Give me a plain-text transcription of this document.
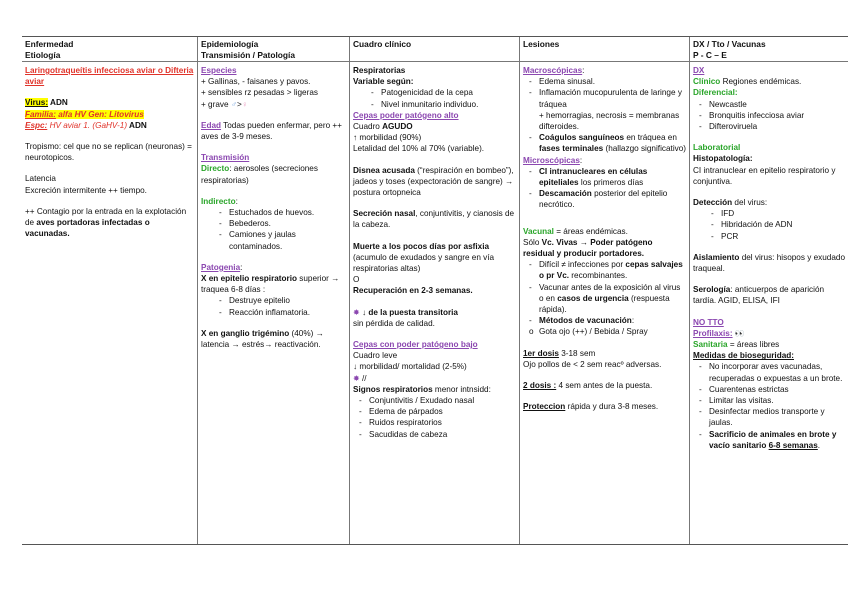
Enfermedad

Etiología

Laringotraqueítis infecciosa aviar o Difteria aviar

Virus: ADN

Familia: alfa HV Gen: Litovirus

Espc: HV aviar 1. (GaHV-1) ADN

Tropismo: cel que no se replican (neuronas) = neurotopicos.

Latencia

Excreción intermitente ++ tiempo.

++ Contagio por la entrada en la explotación de aves portadoras infectadas o vacunadas.

Epidemiología

Transmisión / Patología

Especies

+ Gallinas, - faisanes y pavos.

+ sensibles rz pesadas > ligeras

+ grave ♂>♀

Edad Todas pueden enfermar, pero ++ aves de 3-9 meses.

Transmisión

Directo: aerosoles (secreciones respiratorias)

Indirecto:

- Estuchados de huevos.
- Bebederos.
- Camiones y jaulas contaminados.

Patogenia:

X en epitelio respiratorio superior → traquea 6-8 días :

- Destruye epitelio
- Reacción inflamatoria.

X en ganglio trigémino (40%) → latencia → estrés→ reactivación.

Cuadro clínico

Respiratorias

Variable según:

- Patogenicidad de la cepa
- Nivel inmunitario individuo.

Cepas poder patógeno alto

Cuadro AGUDO

↑ morbilidad (90%)

Letalidad del 10% al 70% (variable).

Disnea acusada (“respiración en bombeo”), jadeos y toses (expectoración de sangre) → postura ortopneica

Secreción nasal, conjuntivitis, y cianosis de la cabeza.

Muerte a los pocos días por asfixia (acumulo de exudados y sangre en vía respiratorias altas)

O

Recuperación en 2-3 semanas.

✸ ↓ de la puesta transitoria

sin pérdida de calidad.

Cepas con poder patógeno bajo

Cuadro leve

↓ morbilidad/ mortalidad (2-5%)

✸ //

Signos respiratorios menor intnsidd:

- Conjuntivitis / Exudado nasal
- Edema de párpados
- Ruidos respiratorios
- Sacudidas de cabeza

Lesiones

Macroscópicas:

- Edema sinusal.
- Inflamación mucopurulenta de laringe y tráquea

+ hemorragias, necrosis = membranas difteroides.

- Coágulos sanguíneos en tráquea en fases terminales (hallazgo significativo)

Microscópicas:

- CI intranucleares en células epiteliales los primeros días
- Descamación posterior del epitelio necrótico.

Vacunal = áreas endémicas.

Sólo Vc. Vivas → Poder patógeno residual y producir portadores.

- Difícil ≠ infecciones por cepas salvajes o pr Vc. recombinantes.
- Vacunar antes de la exposición al virus o en casos de urgencia (respuesta rápida).
- Métodos de vacunación:
o Gota ojo (++) / Bebida / Spray

1er dosis 3-18 sem

Ojo pollos de < 2 sem reacº adversas.

2 dosis : 4 sem antes de la puesta.

Proteccion rápida y dura 3-8 meses.

DX / Tto / Vacunas

P - C – E

DX

Clínico Regiones endémicas.

Diferencial:

- Newcastle
- Bronquitis infecciosa aviar
- Difteroviruela

Laboratorial

Histopatología:

CI intranuclear en epitelio respiratorio y conjuntiva.

Detección del virus:

- IFD
- Hibridación de ADN
- PCR

Aislamiento del virus: hisopos y exudado traqueal.

Serología: anticuerpos de aparición tardía. AGID, ELISA, IFI

NO TTO

Profilaxis: 👀

Sanitaria = áreas libres

Medidas de bioseguridad:

- No incorporar aves vacunadas, recuperadas o expuestas a un brote.
- Cuarentenas estrictas
- Limitar las visitas.
- Desinfectar medios transporte y jaulas.
- Sacrificio de animales en brote y vacío sanitario 6-8 semanas.
